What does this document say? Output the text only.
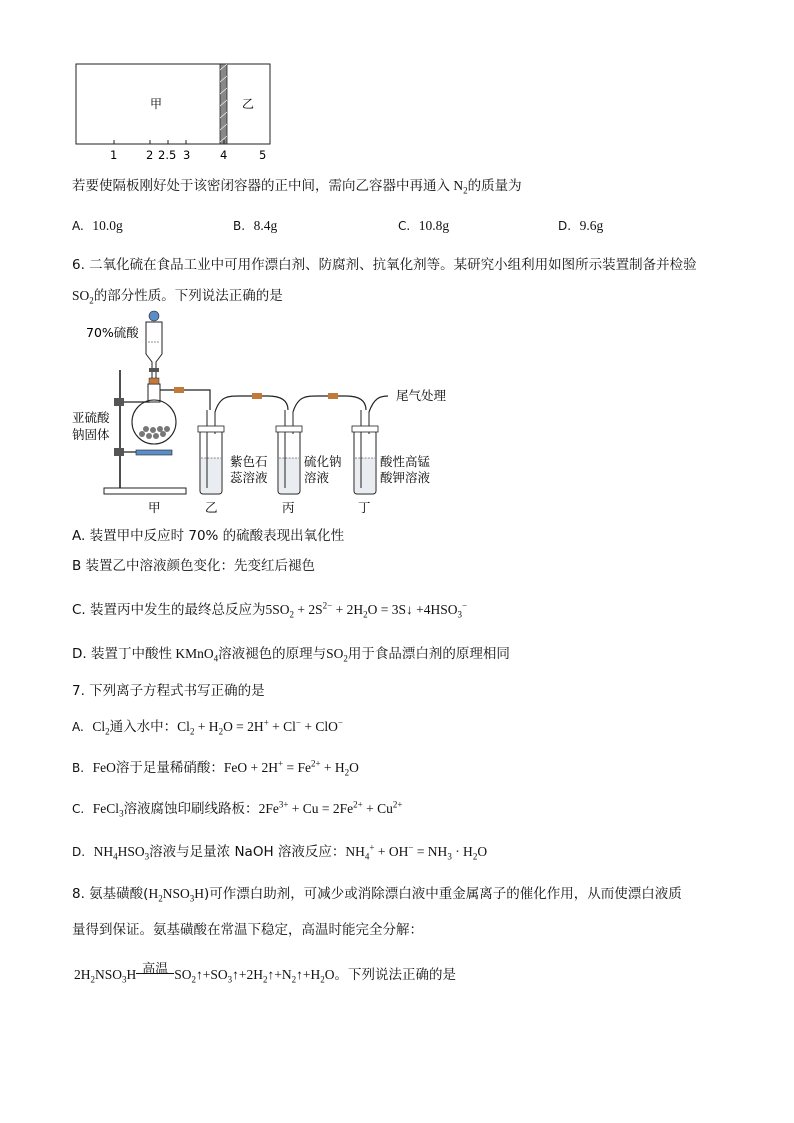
甲	乙
1 2 2.5 3	4	5
若要使隔板刚好处于该密闭容器的正中间，需向乙容器中再通入 $N_2$的质量为
A. 10.0g	B. 8.4g	C. 10.8g	D. 9.6g
6. 二氧化硫在食品工业中可用作漂白剂、防腐剂、抗氧化剂等。某研究小组利用如图所示装置制备并检验
$SO_2$的部分性质。下列说法正确的是
70%硫酸
亚硫酸
钠固体
尾气处理
紫色石
蕊溶液
硫化钠
溶液
酸性高锰
酸钾溶液
甲	乙	丙	丁
A. 装置甲中反应时 70% 的硫酸表现出氧化性
B 装置乙中溶液颜色变化：先变红后褪色
C. 装置丙中发生的最终总反应为$5SO_2 + 2S^{2-} + 2H_2O$ = 3S↓ $+4HSO_3^-$
D. 装置丁中酸性 KMnO$_4$溶液褪色的原理与$SO_2$用于食品漂白剂的原理相同
7. 下列离子方程式书写正确的是
A. $Cl_2$通入水中：$Cl_2 + H_2O = 2H^+ + Cl^- + ClO^-$
B. FeO溶于足量稀硝酸：FeO + $2H^+ = Fe^{2+} + H_2O$
C. FeCl$_3$溶液腐蚀印刷线路板：$2Fe^{3+} + Cu = 2Fe^{2+} + Cu^{2+}$
D. $NH_4HSO_3$溶液与足量浓 NaOH 溶液反应：$NH_4^+ + OH^- = NH_3 \cdot H_2O$
8. 氨基磺酸$(H_2NSO_3H)$可作漂白助剂，可减少或消除漂白液中重金属离子的催化作用，从而使漂白液质
量得到保证。氨基磺酸在常温下稳定，高温时能完全分解：
$2H_2NSO_3H$ 高温 $SO_2↑+SO_3↑+2H_2↑+N_2↑+H_2O$。下列说法正确的是
